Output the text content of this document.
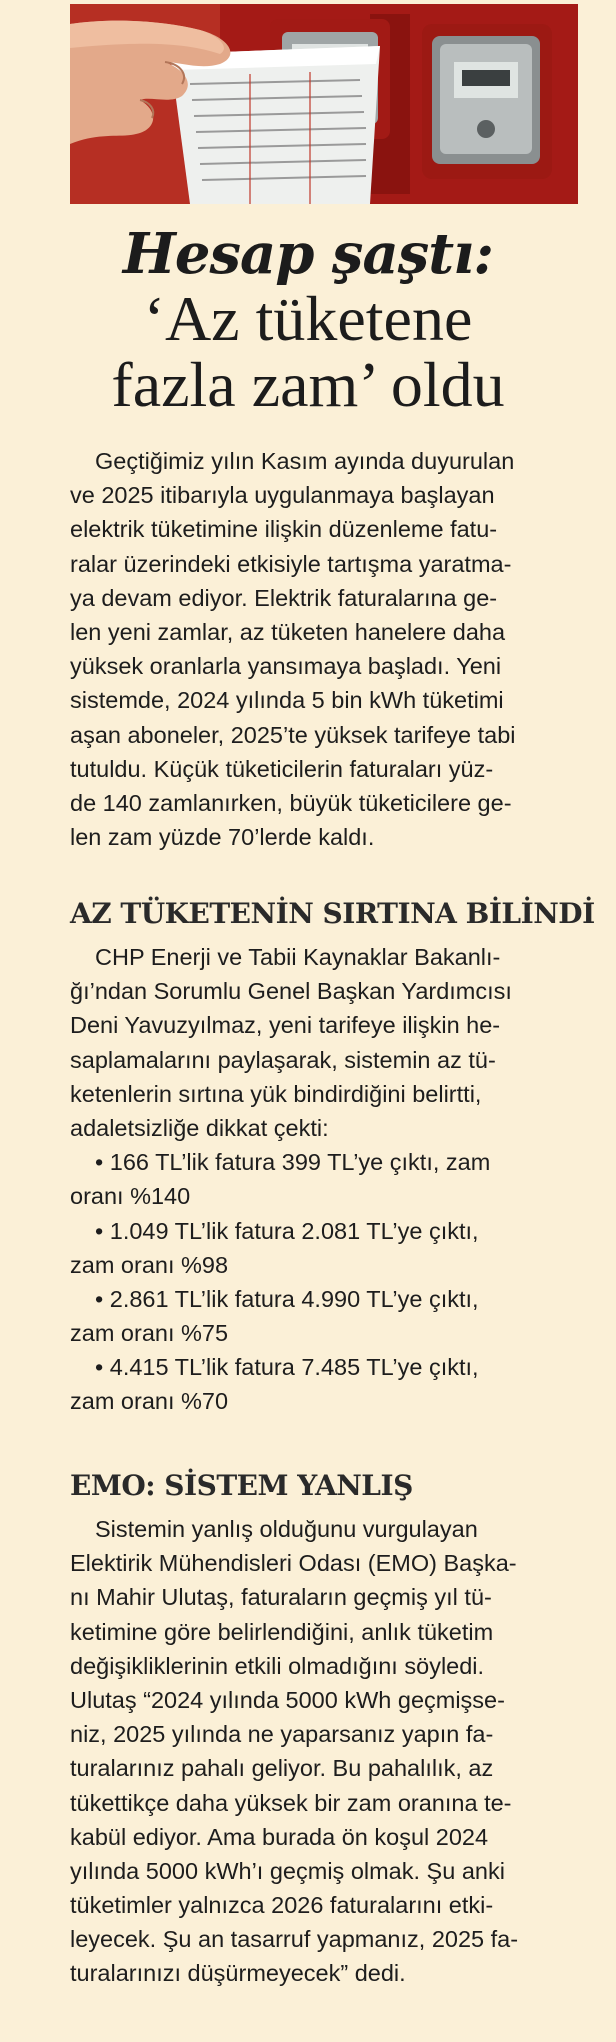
Hesap şaştı:
‘Az tüketene
fazla zam’ oldu
Geçtiğimiz yılın Kasım ayında duyurulan
ve 2025 itibarıyla uygulanmaya başlayan
elektrik tüketimine ilişkin düzenleme fatu-
ralar üzerindeki etkisiyle tartışma yaratma-
ya devam ediyor. Elektrik faturalarına ge-
len yeni zamlar, az tüketen hanelere daha
yüksek oranlarla yansımaya başladı. Yeni
sistemde, 2024 yılında 5 bin kWh tüketimi
aşan aboneler, 2025’te yüksek tarifeye tabi
tutuldu. Küçük tüketicilerin faturaları yüz-
de 140 zamlanırken, büyük tüketicilere ge-
len zam yüzde 70’lerde kaldı.
AZ TÜKETENİN SIRTINA BİLİNDİ
CHP Enerji ve Tabii Kaynaklar Bakanlı-
ğı’ndan Sorumlu Genel Başkan Yardımcısı
Deni Yavuzyılmaz, yeni tarifeye ilişkin he-
saplamalarını paylaşarak, sistemin az tü-
ketenlerin sırtına yük bindirdiğini belirtti,
adaletsizliğe dikkat çekti:
• 166 TL’lik fatura 399 TL’ye çıktı, zam
oranı %140
• 1.049 TL’lik fatura 2.081 TL’ye çıktı,
zam oranı %98
• 2.861 TL’lik fatura 4.990 TL’ye çıktı,
zam oranı %75
• 4.415 TL’lik fatura 7.485 TL’ye çıktı,
zam oranı %70
EMO: SİSTEM YANLIŞ
Sistemin yanlış olduğunu vurgulayan
Elektirik Mühendisleri Odası (EMO) Başka-
nı Mahir Ulutaş, faturaların geçmiş yıl tü-
ketimine göre belirlendiğini, anlık tüketim
değişikliklerinin etkili olmadığını söyledi.
Ulutaş “2024 yılında 5000 kWh geçmişse-
niz, 2025 yılında ne yaparsanız yapın fa-
turalarınız pahalı geliyor. Bu pahalılık, az
tükettikçe daha yüksek bir zam oranına te-
kabül ediyor. Ama burada ön koşul 2024
yılında 5000 kWh’ı geçmiş olmak. Şu anki
tüketimler yalnızca 2026 faturalarını etki-
leyecek. Şu an tasarruf yapmanız, 2025 fa-
turalarınızı düşürmeyecek” dedi.
